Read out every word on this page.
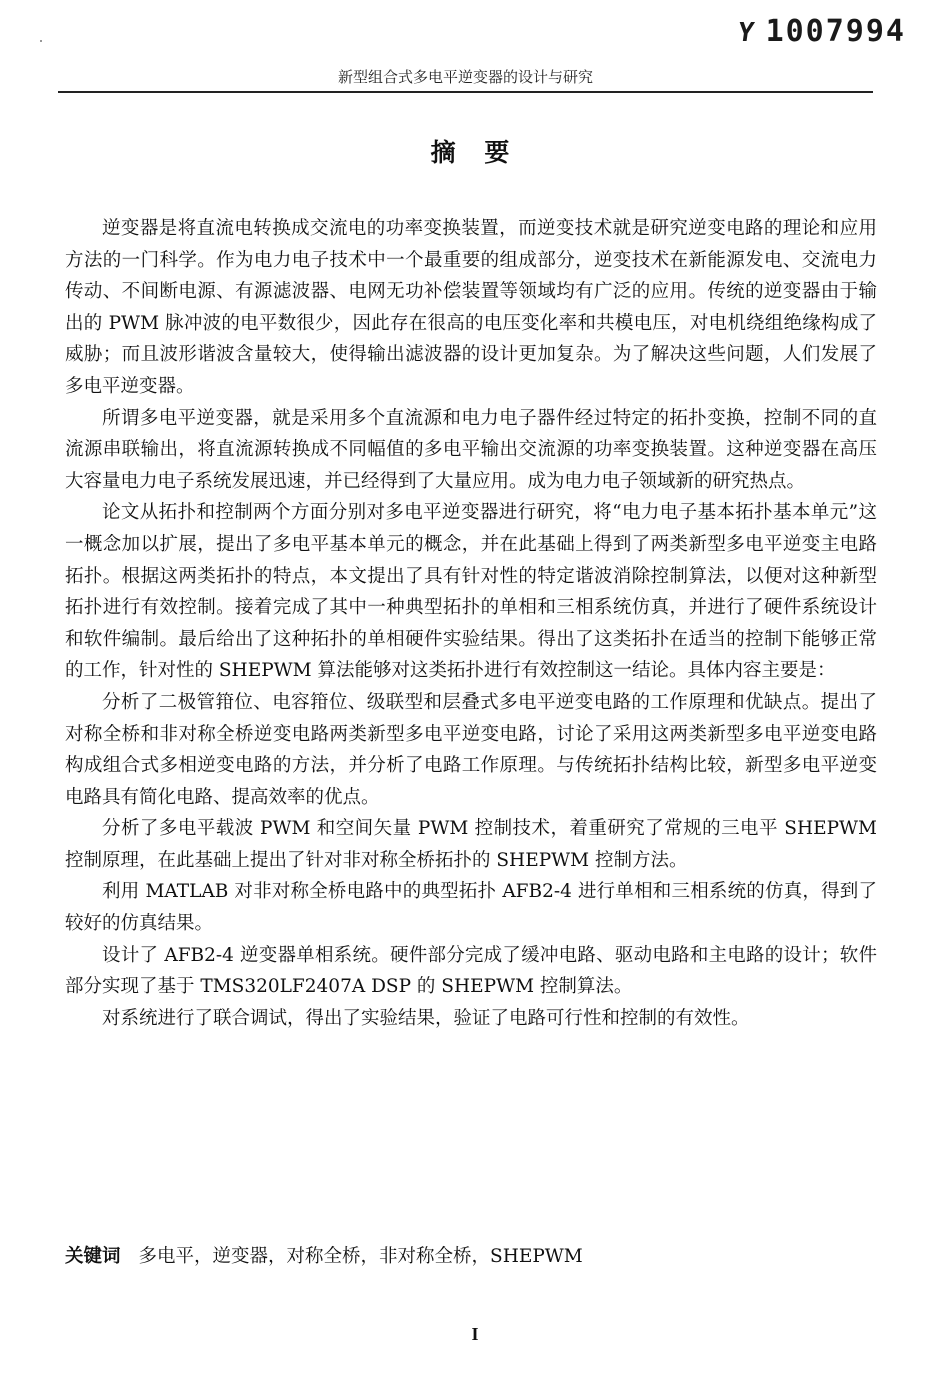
Y 1007994
新型组合式多电平逆变器的设计与研究
摘 要

逆变器是将直流电转换成交流电的功率变换装置，而逆变技术就是研究逆变电路的理论和应用方法的一门科学。作为电力电子技术中一个最重要的组成部分，逆变技术在新能源发电、交流电力传动、不间断电源、有源滤波器、电网无功补偿装置等领域均有广泛的应用。传统的逆变器由于输出的 PWM 脉冲波的电平数很少，因此存在很高的电压变化率和共模电压，对电机绕组绝缘构成了威胁；而且波形谐波含量较大，使得输出滤波器的设计更加复杂。为了解决这些问题，人们发展了多电平逆变器。

所谓多电平逆变器，就是采用多个直流源和电力电子器件经过特定的拓扑变换，控制不同的直流源串联输出，将直流源转换成不同幅值的多电平输出交流源的功率变换装置。这种逆变器在高压大容量电力电子系统发展迅速，并已经得到了大量应用。成为电力电子领域新的研究热点。

论文从拓扑和控制两个方面分别对多电平逆变器进行研究，将“电力电子基本拓扑基本单元”这一概念加以扩展，提出了多电平基本单元的概念，并在此基础上得到了两类新型多电平逆变主电路拓扑。根据这两类拓扑的特点，本文提出了具有针对性的特定谐波消除控制算法，以便对这种新型拓扑进行有效控制。接着完成了其中一种典型拓扑的单相和三相系统仿真，并进行了硬件系统设计和软件编制。最后给出了这种拓扑的单相硬件实验结果。得出了这类拓扑在适当的控制下能够正常的工作，针对性的 SHEPWM 算法能够对这类拓扑进行有效控制这一结论。具体内容主要是：

分析了二极管箝位、电容箝位、级联型和层叠式多电平逆变电路的工作原理和优缺点。提出了对称全桥和非对称全桥逆变电路两类新型多电平逆变电路，讨论了采用这两类新型多电平逆变电路构成组合式多相逆变电路的方法，并分析了电路工作原理。与传统拓扑结构比较，新型多电平逆变电路具有简化电路、提高效率的优点。

分析了多电平载波 PWM 和空间矢量 PWM 控制技术，着重研究了常规的三电平 SHEPWM 控制原理，在此基础上提出了针对非对称全桥拓扑的 SHEPWM 控制方法。

利用 MATLAB 对非对称全桥电路中的典型拓扑 AFB2-4 进行单相和三相系统的仿真，得到了较好的仿真结果。

设计了 AFB2-4 逆变器单相系统。硬件部分完成了缓冲电路、驱动电路和主电路的设计；软件部分实现了基于 TMS320LF2407A DSP 的 SHEPWM 控制算法。

对系统进行了联合调试，得出了实验结果，验证了电路可行性和控制的有效性。

关键词 多电平，逆变器，对称全桥，非对称全桥，SHEPWM
I
